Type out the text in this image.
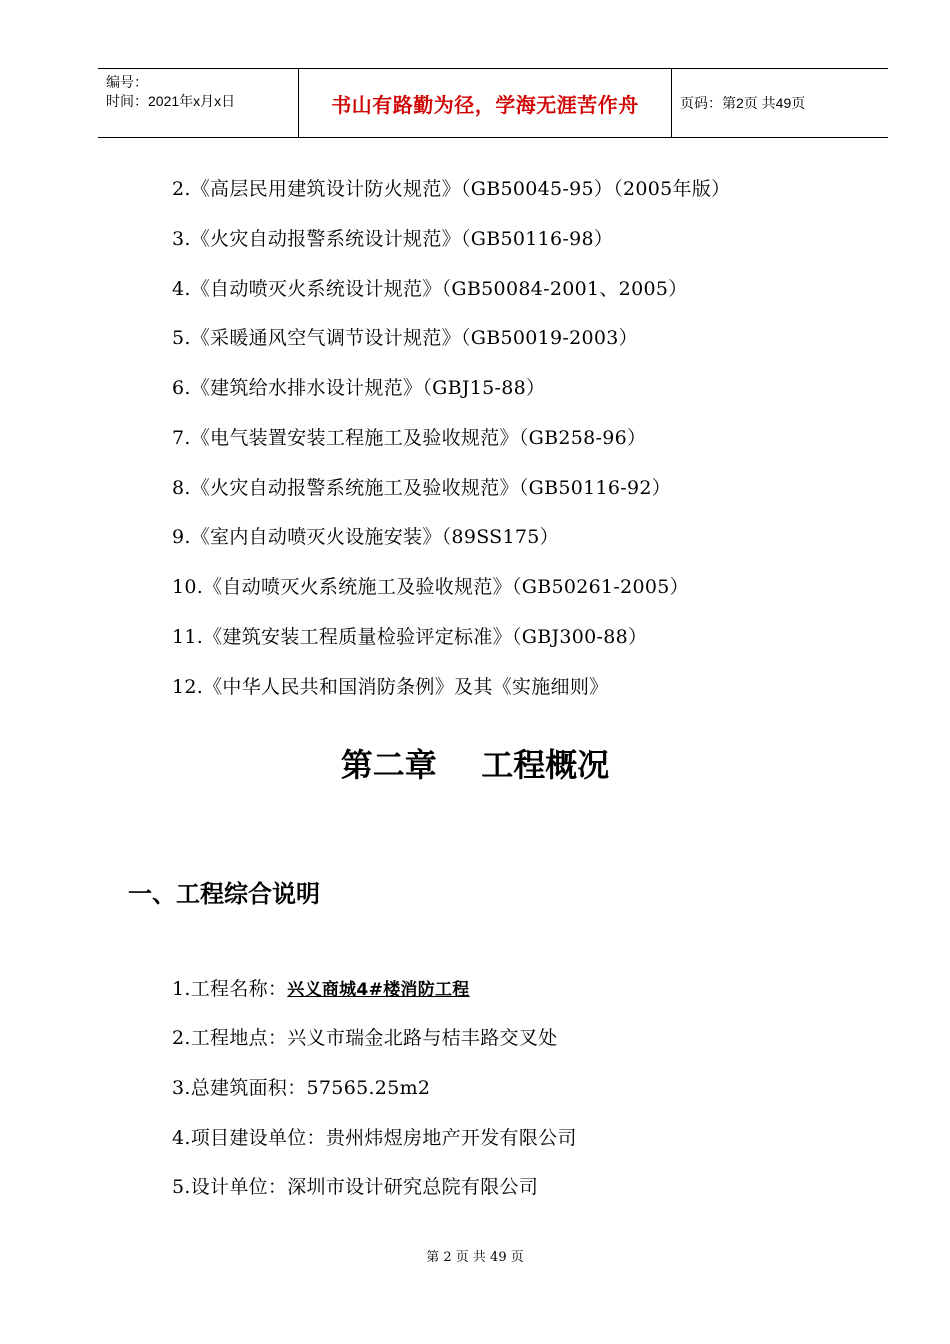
编号：
时间：2021年x月x日	书山有路勤为径，学海无涯苦作舟	页码：第2页 共49页
2.《高层民用建筑设计防火规范》（GB50045-95）（2005年版）
3.《火灾自动报警系统设计规范》（GB50116-98）
4.《自动喷灭火系统设计规范》（GB50084-2001、2005）
5.《采暖通风空气调节设计规范》（GB50019-2003）
6.《建筑给水排水设计规范》（GBJ15-88）
7.《电气装置安装工程施工及验收规范》（GB258-96）
8.《火灾自动报警系统施工及验收规范》（GB50116-92）
9.《室内自动喷灭火设施安装》（89SS175）
10.《自动喷灭火系统施工及验收规范》（GB50261-2005）
11.《建筑安装工程质量检验评定标准》（GBJ300-88）
12.《中华人民共和国消防条例》及其《实施细则》
第二章    工程概况
一、工程综合说明
1.工程名称：兴义商城4#楼消防工程
2.工程地点：兴义市瑞金北路与桔丰路交叉处
3.总建筑面积：57565.25m2
4.项目建设单位：贵州炜煜房地产开发有限公司
5.设计单位：深圳市设计研究总院有限公司
第 2 页 共 49 页
